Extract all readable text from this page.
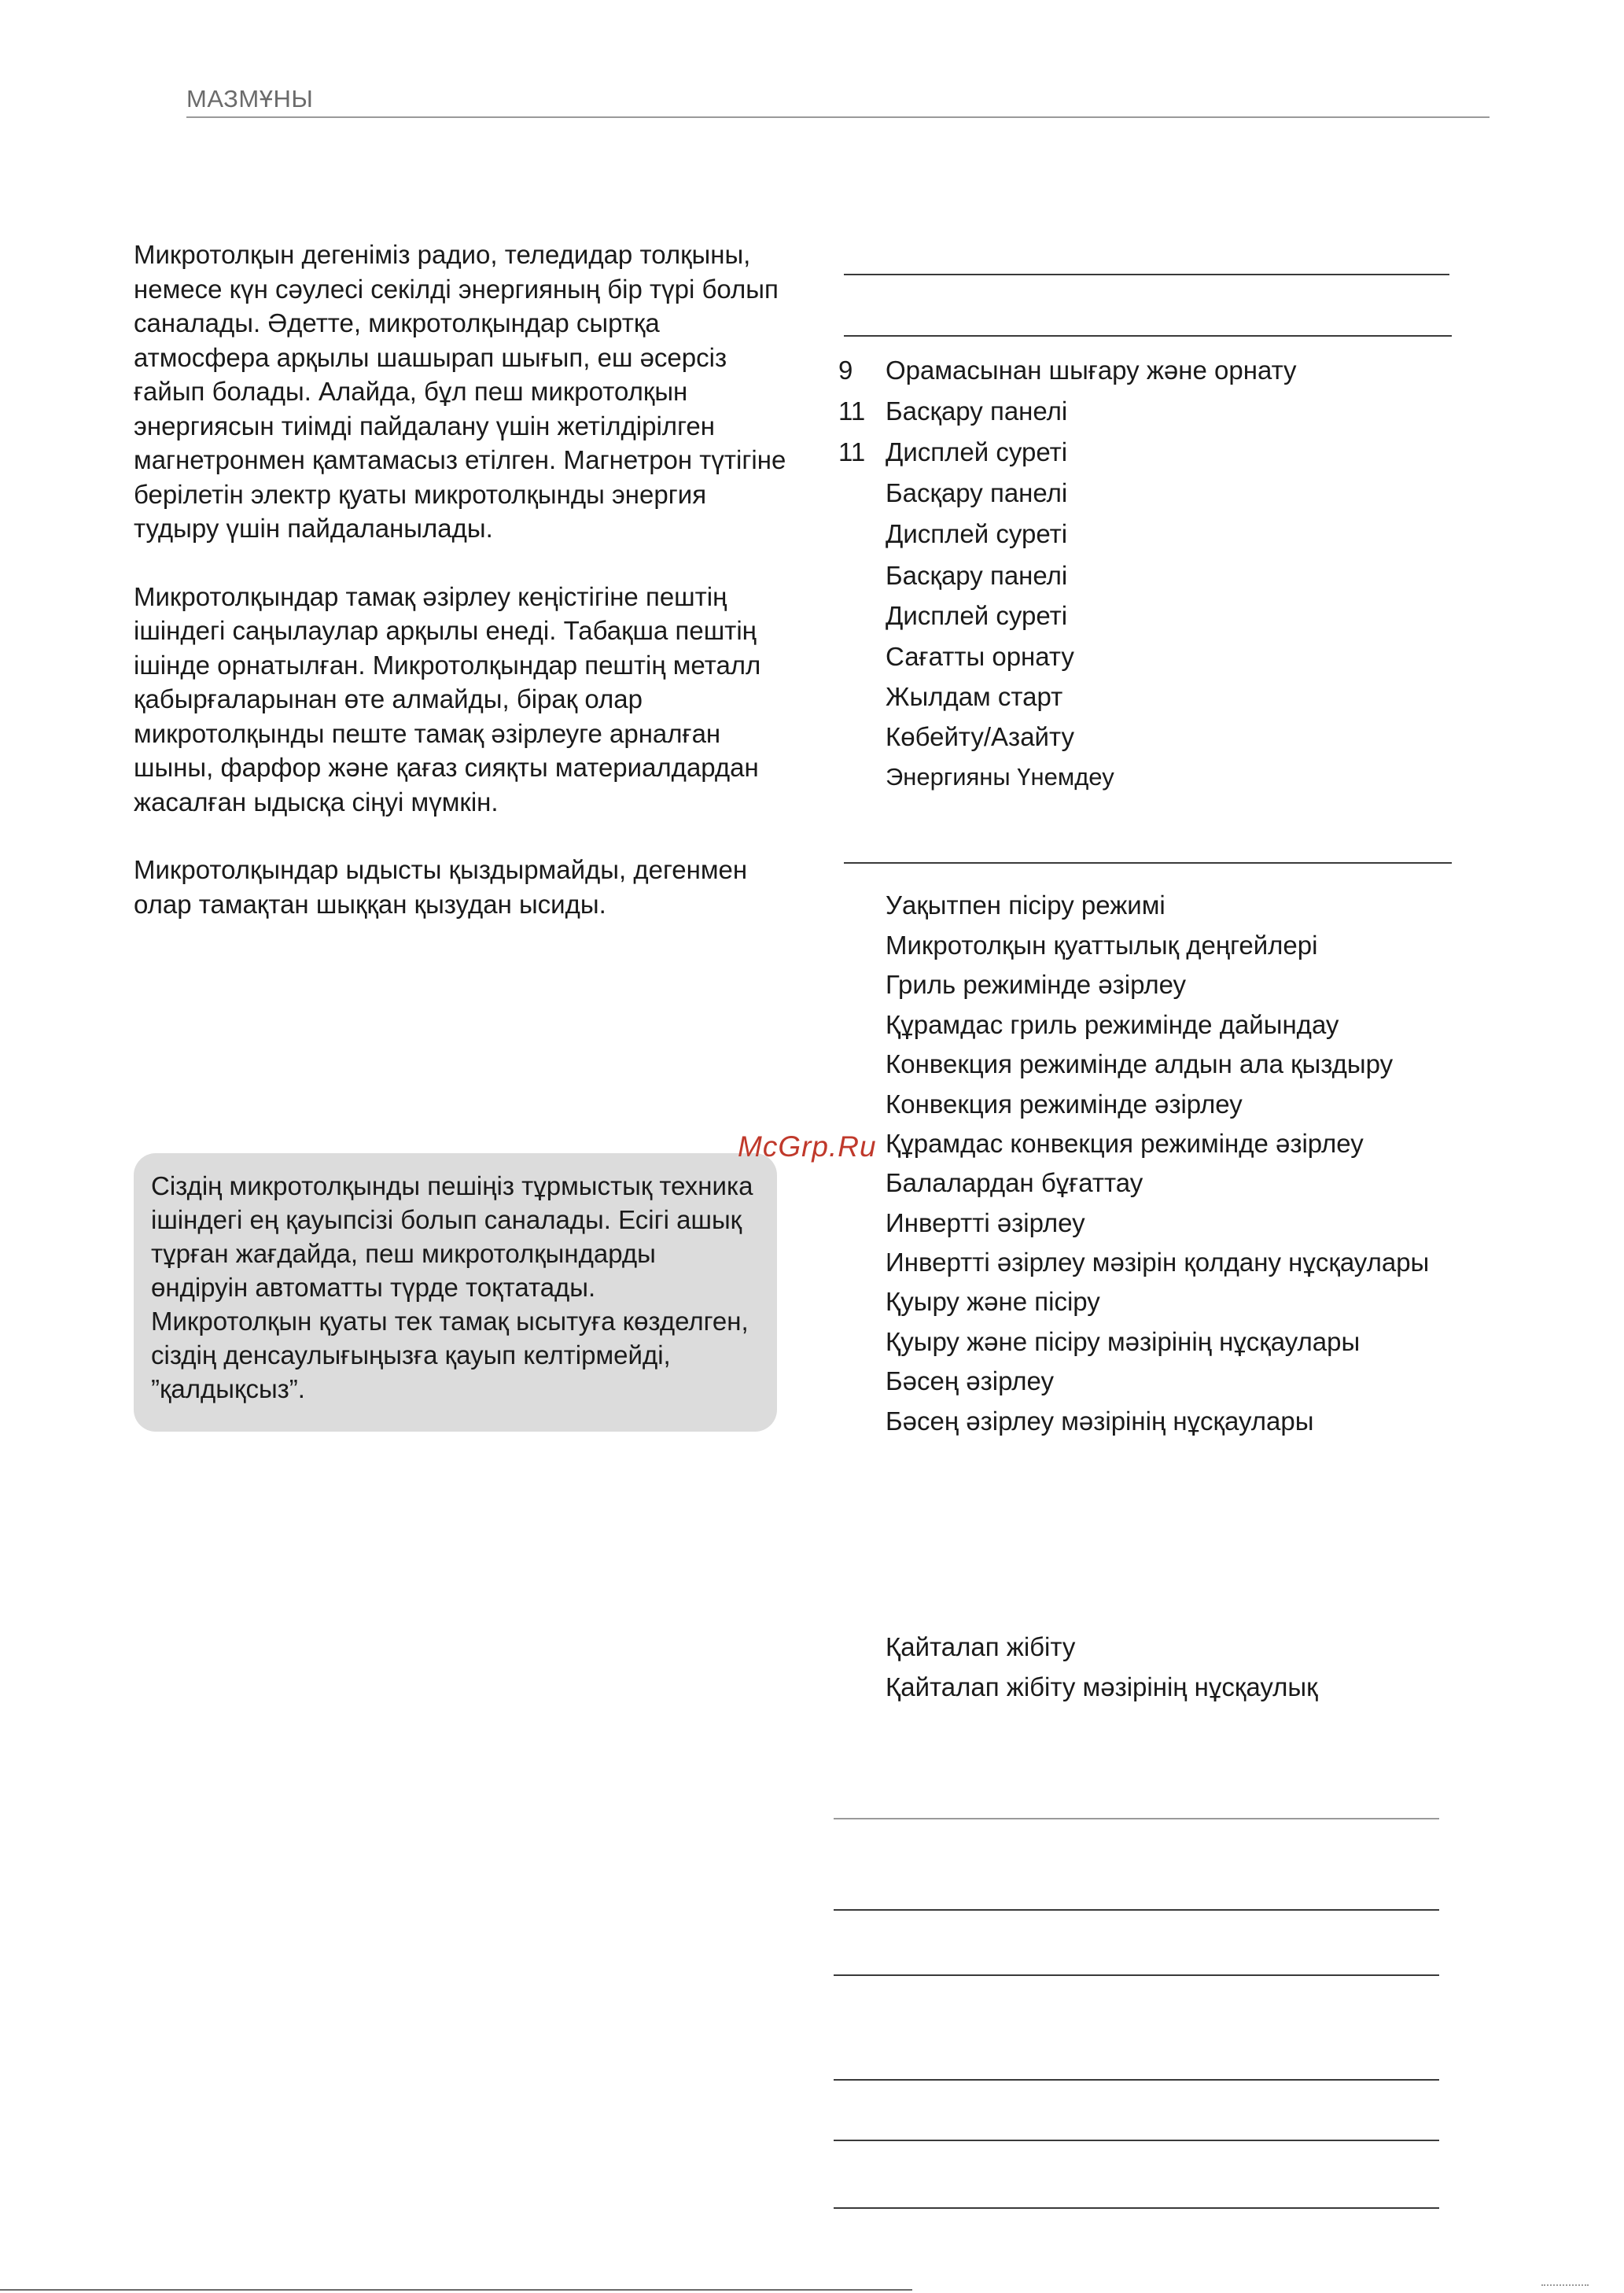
МАЗМҰНЫ

Микротолқын дегеніміз радио, теледидар толқыны, немесе күн сәулесі секілді энергияның бір түрі болып саналады. Әдетте, микротолқындар сыртқа атмосфера арқылы шашырап шығып, еш әсерсіз ғайып болады. Алайда, бұл пеш микротолқын энергиясын тиімді пайдалану үшін жетілдірілген магнетронмен қамтамасыз етілген. Магнетрон түтігіне берілетін электр қуаты микротолқынды энергия тудыру үшін пайдаланылады.

Микротолқындар тамақ әзірлеу кеңістігіне пештің ішіндегі саңылаулар арқылы енеді. Табақша пештің ішінде орнатылған. Микротолқындар пештің металл қабырғаларынан өте алмайды, бірақ олар микротолқынды пеште тамақ әзірлеуге арналған шыны, фарфор және қағаз сияқты материалдардан жасалған ыдысқа сіңуі мүмкін.

Микротолқындар ыдысты қыздырмайды, дегенмен олар тамақтан шыққан қызудан ысиды.

Сіздің микротолқынды пешіңіз тұрмыстық техника ішіндегі ең қауыпсізі болып саналады. Есігі ашық тұрған жағдайда, пеш микротолқындарды өндіруін автоматты түрде тоқтатады. Микротолқын қуаты тек тамақ ысытуға көзделген, сіздің денсаулығыңызға қауып келтірмейді, ”қалдықсыз”.
McGrp.Ru
9	Орамасынан шығару және орнату
11 Басқару панелі
11 Дисплей суреті
Басқару панелі
Дисплей суреті
Басқару панелі
Дисплей суреті
Сағатты орнату
Жылдам старт
Көбейту/Азайту
Энергияны Үнемдеу
Уақытпен пісіру режимі
Микротолқын қуаттылық деңгейлері
Гриль режимінде әзірлеу
Құрамдас гриль режимінде дайындау
Конвекция режимінде алдын ала қыздыру
Конвекция режимінде әзірлеу
Құрамдас конвекция режимінде әзірлеу
Балалардан бұғаттау
Инвертті әзірлеу
Инвертті әзірлеу мәзірін қолдану нұсқаулары
Қуыру және пісіру
Қуыру және пісіру мәзірінің нұсқаулары
Бәсең әзірлеу
Бәсең әзірлеу мәзірінің нұсқаулары
Қайталап жібіту
Қайталап жібіту мәзірінің нұсқаулық
